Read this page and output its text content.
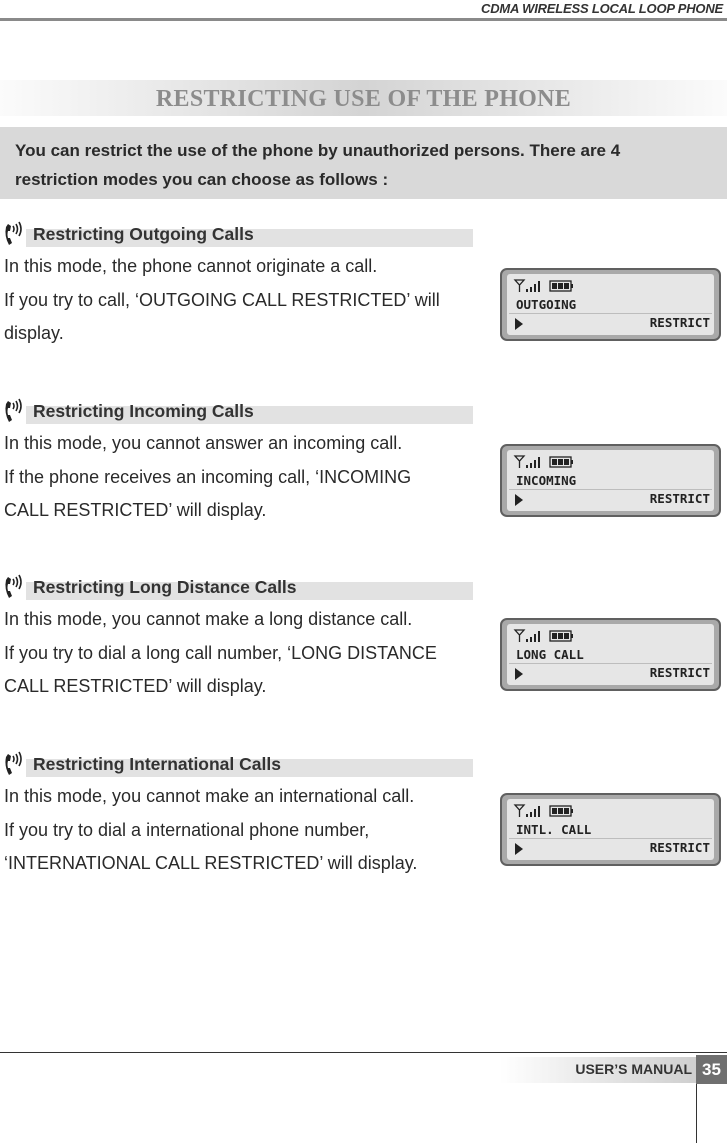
CDMA WIRELESS LOCAL LOOP PHONE
RESTRICTING USE OF THE PHONE
You can restrict the use of the phone by unauthorized persons. There are 4
restriction modes you can choose as follows :
Restricting Outgoing Calls
In this mode, the phone cannot originate a call.
If you try to call, ‘OUTGOING CALL RESTRICTED’ will
display.
OUTGOING
RESTRICT
Restricting Incoming Calls
In this mode, you cannot answer an incoming call.
If the phone receives an incoming call, ‘INCOMING
CALL RESTRICTED’ will display.
INCOMING
RESTRICT
Restricting Long Distance Calls
In this mode, you cannot make a long distance call.
If you try to dial a long call number, ‘LONG DISTANCE
CALL RESTRICTED’ will display.
LONG CALL
RESTRICT
Restricting International Calls
In this mode, you cannot make an international call.
If you try to dial a international phone number,
‘INTERNATIONAL CALL RESTRICTED’ will display.
INTL. CALL
RESTRICT
USER’S MANUAL 35
